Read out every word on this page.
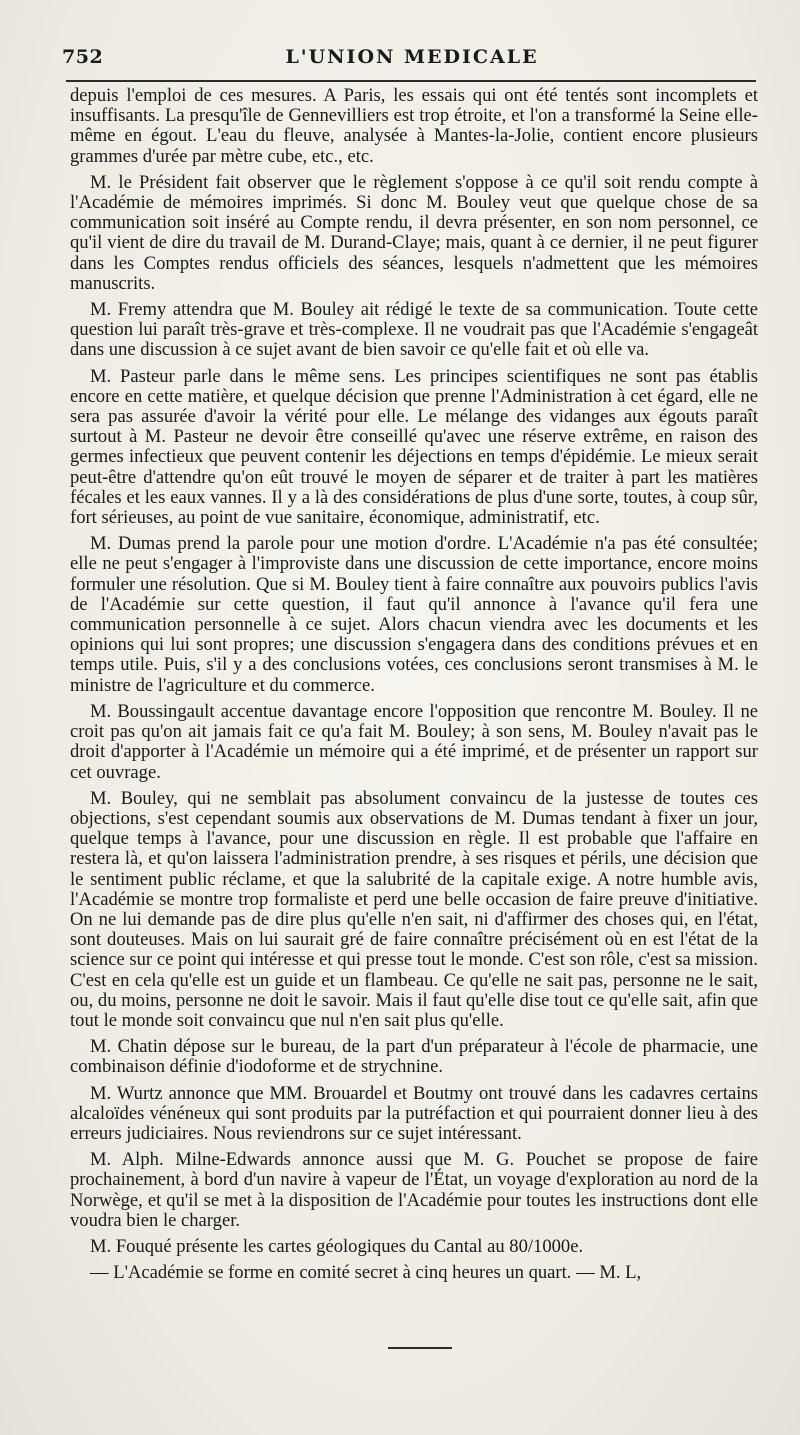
752	L'UNION MEDICALE

depuis l'emploi de ces mesures. A Paris, les essais qui ont été tentés sont incomplets et insuffisants. La presqu'île de Gennevilliers est trop étroite, et l'on a transformé la Seine elle-même en égout. L'eau du fleuve, analysée à Mantes-la-Jolie, contient encore plusieurs grammes d'urée par mètre cube, etc., etc.

M. le Président fait observer que le règlement s'oppose à ce qu'il soit rendu compte à l'Académie de mémoires imprimés. Si donc M. Bouley veut que quelque chose de sa communication soit inséré au Compte rendu, il devra présenter, en son nom personnel, ce qu'il vient de dire du travail de M. Durand-Claye; mais, quant à ce dernier, il ne peut figurer dans les Comptes rendus officiels des séances, lesquels n'admettent que les mémoires manuscrits.

M. Fremy attendra que M. Bouley ait rédigé le texte de sa communication. Toute cette question lui paraît très-grave et très-complexe. Il ne voudrait pas que l'Académie s'engageât dans une discussion à ce sujet avant de bien savoir ce qu'elle fait et où elle va.

M. Pasteur parle dans le même sens. Les principes scientifiques ne sont pas établis encore en cette matière, et quelque décision que prenne l'Administration à cet égard, elle ne sera pas assurée d'avoir la vérité pour elle. Le mélange des vidanges aux égouts paraît surtout à M. Pasteur ne devoir être conseillé qu'avec une réserve extrême, en raison des germes infectieux que peuvent contenir les déjections en temps d'épidémie. Le mieux serait peut-être d'attendre qu'on eût trouvé le moyen de séparer et de traiter à part les matières fécales et les eaux vannes. Il y a là des considérations de plus d'une sorte, toutes, à coup sûr, fort sérieuses, au point de vue sanitaire, économique, administratif, etc.

M. Dumas prend la parole pour une motion d'ordre. L'Académie n'a pas été consultée; elle ne peut s'engager à l'improviste dans une discussion de cette importance, encore moins formuler une résolution. Que si M. Bouley tient à faire connaître aux pouvoirs publics l'avis de l'Académie sur cette question, il faut qu'il annonce à l'avance qu'il fera une communication personnelle à ce sujet. Alors chacun viendra avec les documents et les opinions qui lui sont propres; une discussion s'engagera dans des conditions prévues et en temps utile. Puis, s'il y a des conclusions votées, ces conclusions seront transmises à M. le ministre de l'agriculture et du commerce.

M. Boussingault accentue davantage encore l'opposition que rencontre M. Bouley. Il ne croit pas qu'on ait jamais fait ce qu'a fait M. Bouley; à son sens, M. Bouley n'avait pas le droit d'apporter à l'Académie un mémoire qui a été imprimé, et de présenter un rapport sur cet ouvrage.

M. Bouley, qui ne semblait pas absolument convaincu de la justesse de toutes ces objections, s'est cependant soumis aux observations de M. Dumas tendant à fixer un jour, quelque temps à l'avance, pour une discussion en règle. Il est probable que l'affaire en restera là, et qu'on laissera l'administration prendre, à ses risques et périls, une décision que le sentiment public réclame, et que la salubrité de la capitale exige. A notre humble avis, l'Académie se montre trop formaliste et perd une belle occasion de faire preuve d'initiative. On ne lui demande pas de dire plus qu'elle n'en sait, ni d'affirmer des choses qui, en l'état, sont douteuses. Mais on lui saurait gré de faire connaître précisément où en est l'état de la science sur ce point qui intéresse et qui presse tout le monde. C'est son rôle, c'est sa mission. C'est en cela qu'elle est un guide et un flambeau. Ce qu'elle ne sait pas, personne ne le sait, ou, du moins, personne ne doit le savoir. Mais il faut qu'elle dise tout ce qu'elle sait, afin que tout le monde soit convaincu que nul n'en sait plus qu'elle.

M. Chatin dépose sur le bureau, de la part d'un préparateur à l'école de pharmacie, une combinaison définie d'iodoforme et de strychnine.

M. Wurtz annonce que MM. Brouardel et Boutmy ont trouvé dans les cadavres certains alcaloïdes vénéneux qui sont produits par la putréfaction et qui pourraient donner lieu à des erreurs judiciaires. Nous reviendrons sur ce sujet intéressant.

M. Alph. Milne-Edwards annonce aussi que M. G. Pouchet se propose de faire prochainement, à bord d'un navire à vapeur de l'État, un voyage d'exploration au nord de la Norwège, et qu'il se met à la disposition de l'Académie pour toutes les instructions dont elle voudra bien le charger.

M. Fouqué présente les cartes géologiques du Cantal au 80/1000e.

— L'Académie se forme en comité secret à cinq heures un quart. — M. L,
